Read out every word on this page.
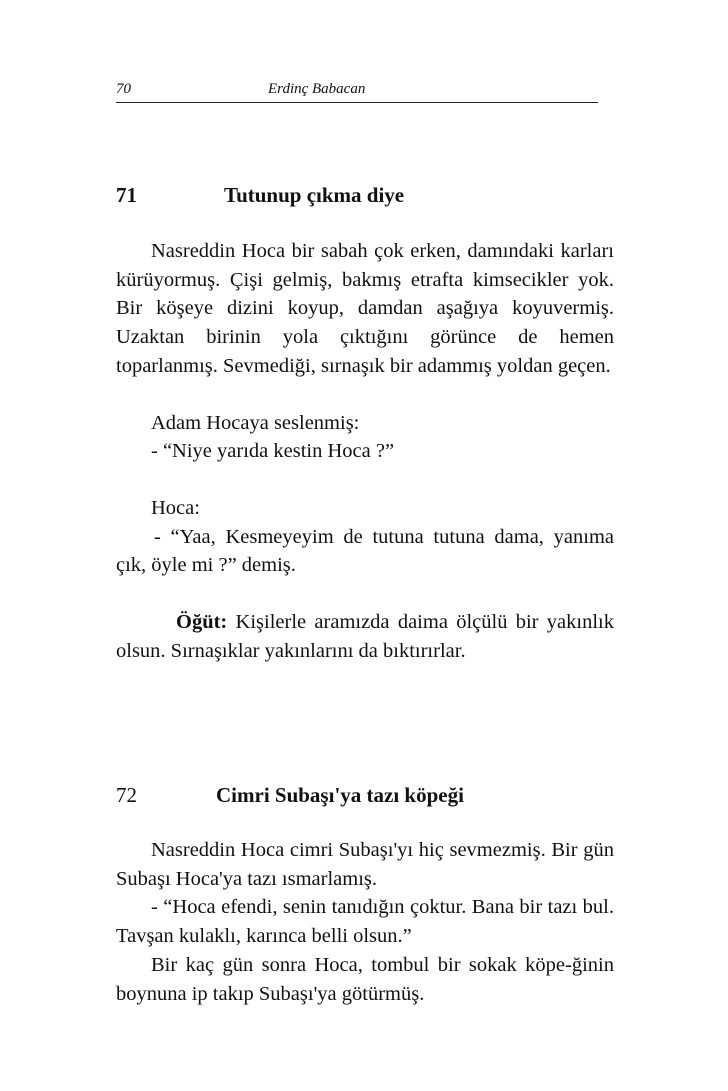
70	Erdinç Babacan
71	Tutunup çıkma diye

Nasreddin Hoca bir sabah çok erken, damındaki karları kürüyormuş. Çişi gelmiş, bakmış etrafta kimsecikler yok. Bir köşeye dizini koyup, damdan aşağıya koyuvermiş. Uzaktan birinin yola çıktığını görünce de hemen toparlanmış. Sevmediği, sırnaşık bir adammış yoldan geçen.

Adam Hocaya seslenmiş:

- “Niye yarıda kestin Hoca ?”

Hoca:

- “Yaa, Kesmeyeyim de tutuna tutuna dama, yanıma çık, öyle mi ?” demiş.

Öğüt: Kişilerle aramızda daima ölçülü bir yakınlık olsun. Sırnaşıklar yakınlarını da bıktırırlar.

72	Cimri Subaşı'ya tazı köpeği

Nasreddin Hoca cimri Subaşı'yı hiç sevmezmiş. Bir gün Subaşı Hoca'ya tazı ısmarlamış.

- “Hoca efendi, senin tanıdığın çoktur. Bana bir tazı bul. Tavşan kulaklı, karınca belli olsun.”

Bir kaç gün sonra Hoca, tombul bir sokak köpe-ğinin boynuna ip takıp Subaşı'ya götürmüş.
